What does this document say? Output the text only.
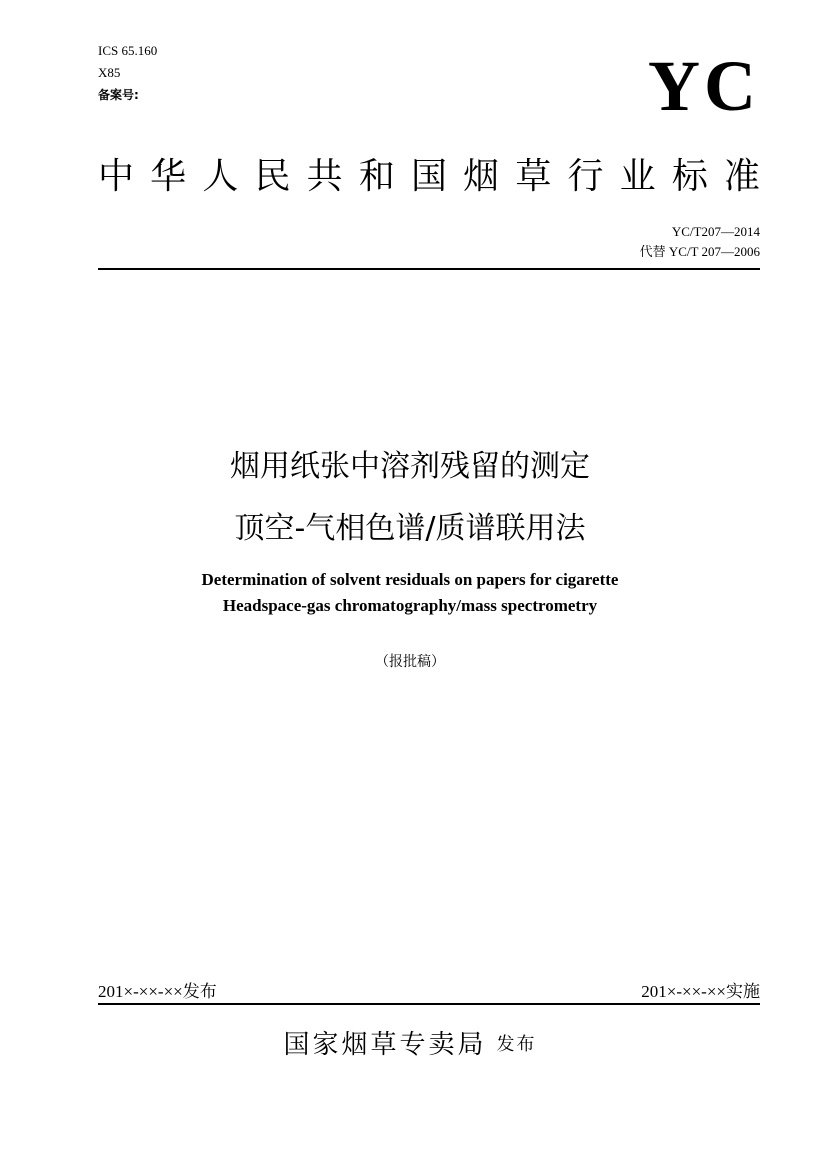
ICS 65.160
X85
备案号:	YC
中华人民共和国烟草行业标准
YC/T207—2014
代替 YC/T 207—2006
烟用纸张中溶剂残留的测定
顶空-气相色谱/质谱联用法
Determination of solvent residuals on papers for cigarette
Headspace-gas chromatography/mass spectrometry
（报批稿）
201×-××-××发布	201×-××-××实施
国家烟草专卖局 发布
